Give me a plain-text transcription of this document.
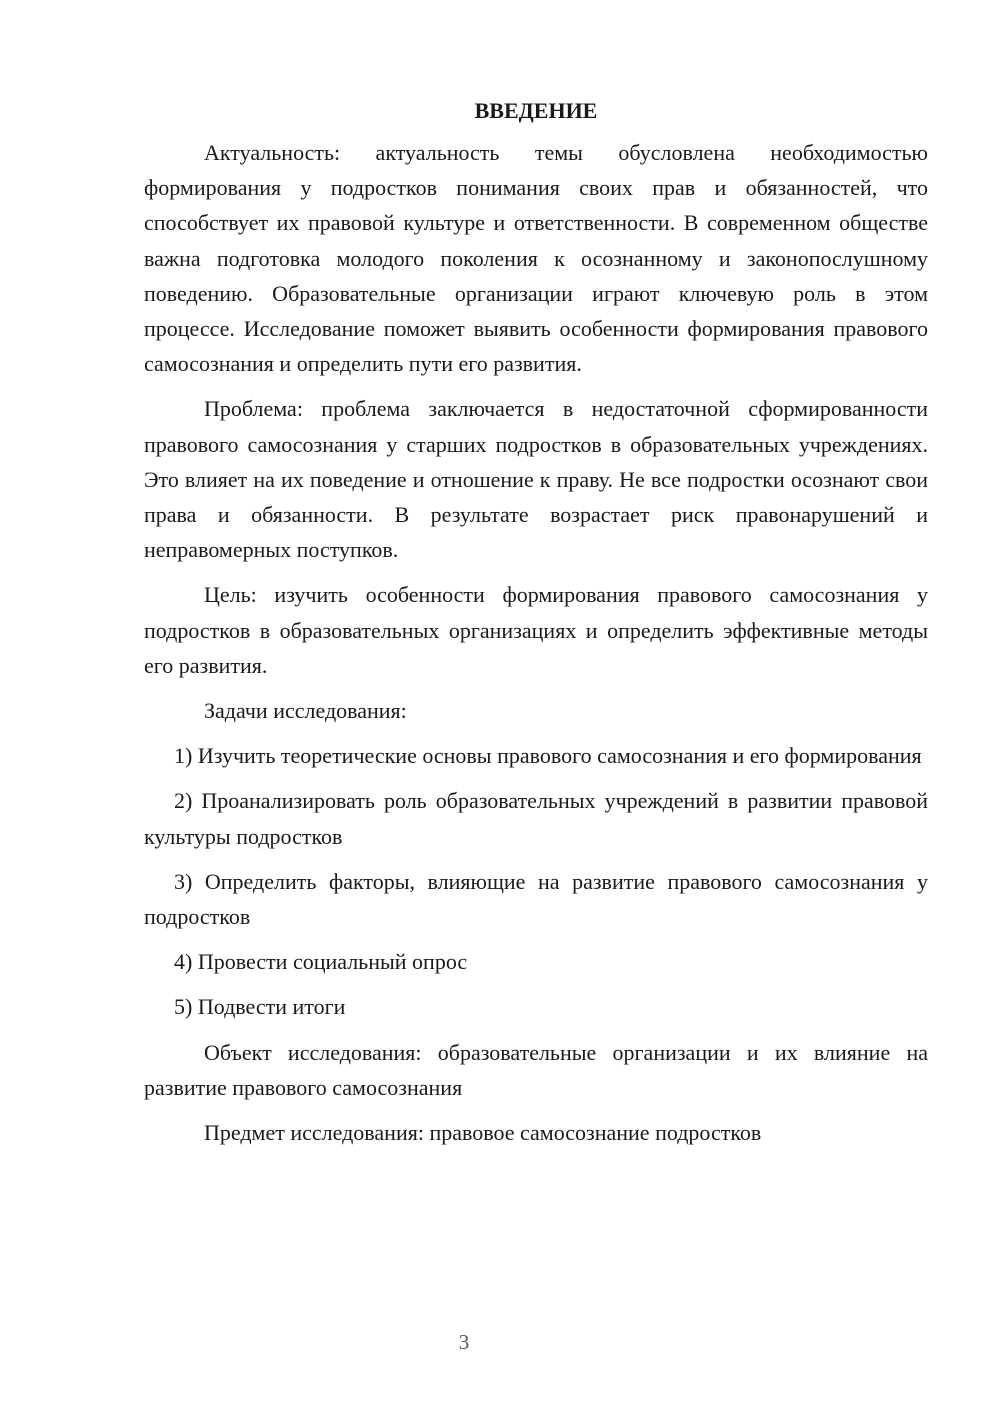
ВВЕДЕНИЕ

Актуальность: актуальность темы обусловлена необходимостью формирования у подростков понимания своих прав и обязанностей, что способствует их правовой культуре и ответственности. В современном обществе важна подготовка молодого поколения к осознанному и законопослушному поведению. Образовательные организации играют ключевую роль в этом процессе. Исследование поможет выявить особенности формирования правового самосознания и определить пути его развития.

Проблема: проблема заключается в недостаточной сформированности правового самосознания у старших подростков в образовательных учреждениях. Это влияет на их поведение и отношение к праву. Не все подростки осознают свои права и обязанности. В результате возрастает риск правонарушений и неправомерных поступков.

Цель: изучить особенности формирования правового самосознания у подростков в образовательных организациях и определить эффективные методы его развития.

Задачи исследования:

1) Изучить теоретические основы правового самосознания и его формирования

2) Проанализировать роль образовательных учреждений в развитии правовой культуры подростков

3) Определить факторы, влияющие на развитие правового самосознания у подростков

4) Провести социальный опрос

5) Подвести итоги

Объект исследования: образовательные организации и их влияние на развитие правового самосознания

Предмет исследования: правовое самосознание подростков

3
